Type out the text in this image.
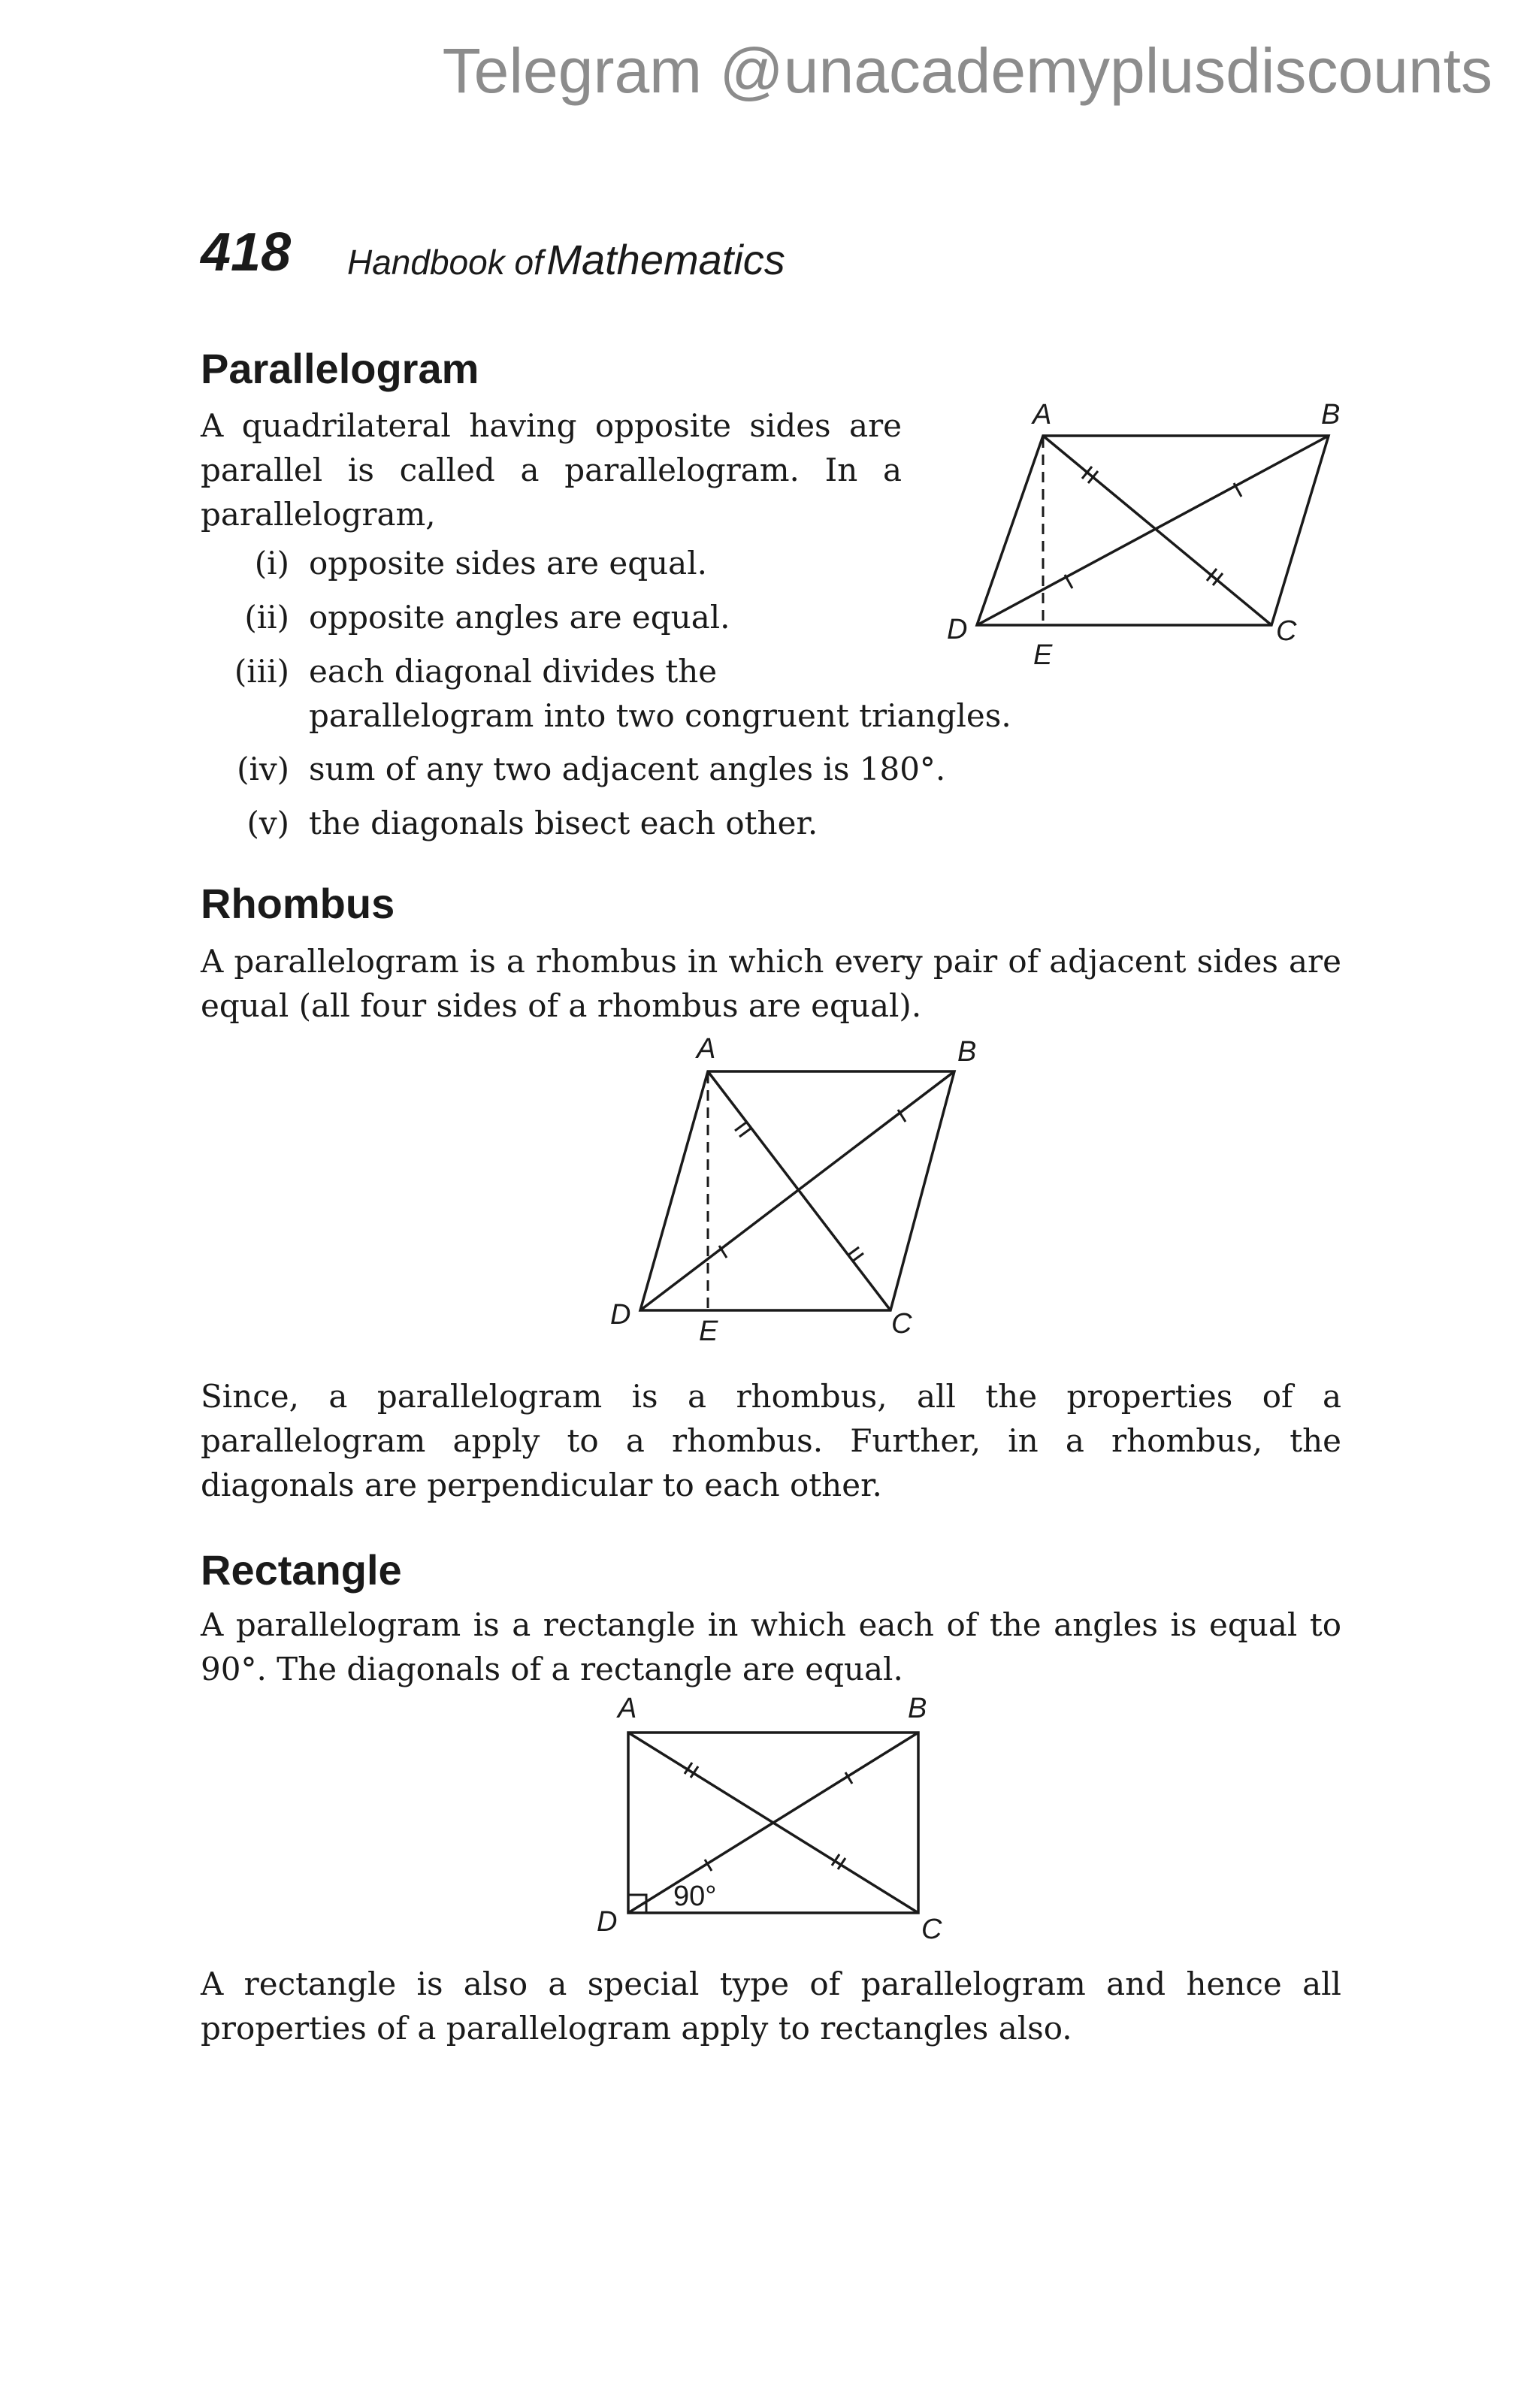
Telegram @unacademyplusdiscounts
418 Handbook of Mathematics
Parallelogram
A quadrilateral having opposite sides are
parallel is called a parallelogram. In a
parallelogram,
(i) opposite sides are equal.
(ii) opposite angles are equal.
(iii) each diagonal divides the
parallelogram into two congruent triangles.
(iv) sum of any two adjacent angles is 180°.
(v) the diagonals bisect each other.
A	B
C
D
E
Rhombus

A parallelogram is a rhombus in which every pair of adjacent sides are equal (all four sides of a rhombus are equal).

A	B
C
D
E

Since, a parallelogram is a rhombus, all the properties of a parallelogram apply to a rhombus. Further, in a rhombus, the diagonals are perpendicular to each other.

Rectangle

A parallelogram is a rectangle in which each of the angles is equal to 90°. The diagonals of a rectangle are equal.

90°
A	B
C
D

A rectangle is also a special type of parallelogram and hence all properties of a parallelogram apply to rectangles also.
